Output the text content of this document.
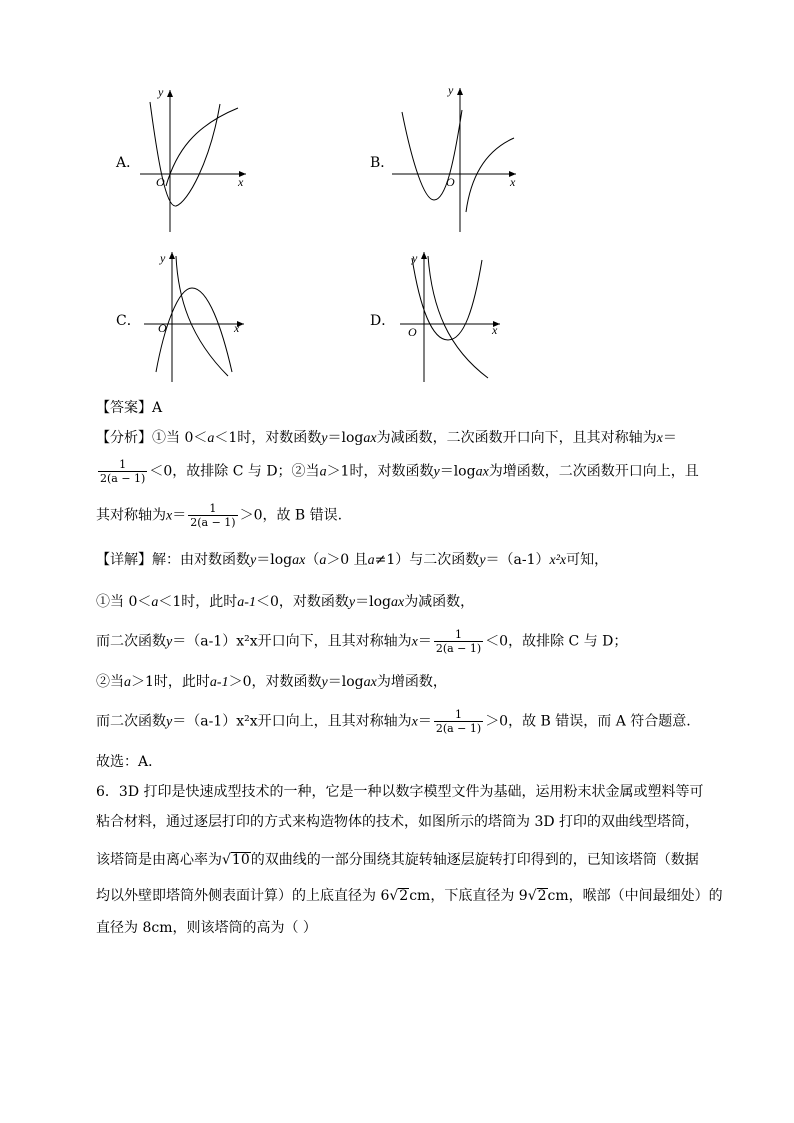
A．
x
y
O
B．
x
y
O
C．	x
y
O	D．
x
y
O
【答案】A
【分析】①当 0＜a＜1时，对数函数y＝logax为减函数，二次函数开口向下，且其对称轴为x＝
$\frac{1}{2(a - 1)} <0$，故排除 C 与 D；②当a＞1时，对数函数y＝logax为增函数，二次函数开口向上，且
其对称轴为$x= \frac{1}{2(a - 1)} >0$，故 B 错误.
【详解】解：由对数函数y＝logax（a＞0 且a≠1）与二次函数y＝（a-1）x²x可知，
①当 0＜a＜1时，此时a-1＜0，对数函数y＝logax为减函数，
而二次函数y＝（a-1）x²x开口向下，且其对称轴为$x= \frac{1}{2(a - 1)} <0$，故排除 C 与 D；
②当a＞1时，此时a-1＞0，对数函数y＝logax为增函数，
而二次函数y＝（a-1）x²x开口向上，且其对称轴为$x= \frac{1}{2(a - 1)} >0$，故 B 错误，而 A 符合题意.
故选：A．
6．3D 打印是快速成型技术的一种，它是一种以数字模型文件为基础，运用粉末状金属或塑料等可
粘合材料，通过逐层打印的方式来构造物体的技术，如图所示的塔筒为 3D 打印的双曲线型塔筒，
该塔筒是由离心率为√10的双曲线的一部分围绕其旋转轴逐层旋转打印得到的，已知该塔筒（数据
均以外壁即塔筒外侧表面计算）的上底直径为 6√2cm，下底直径为 9√2cm，喉部（中间最细处）的
直径为 8cm，则该塔筒的高为（ ）
